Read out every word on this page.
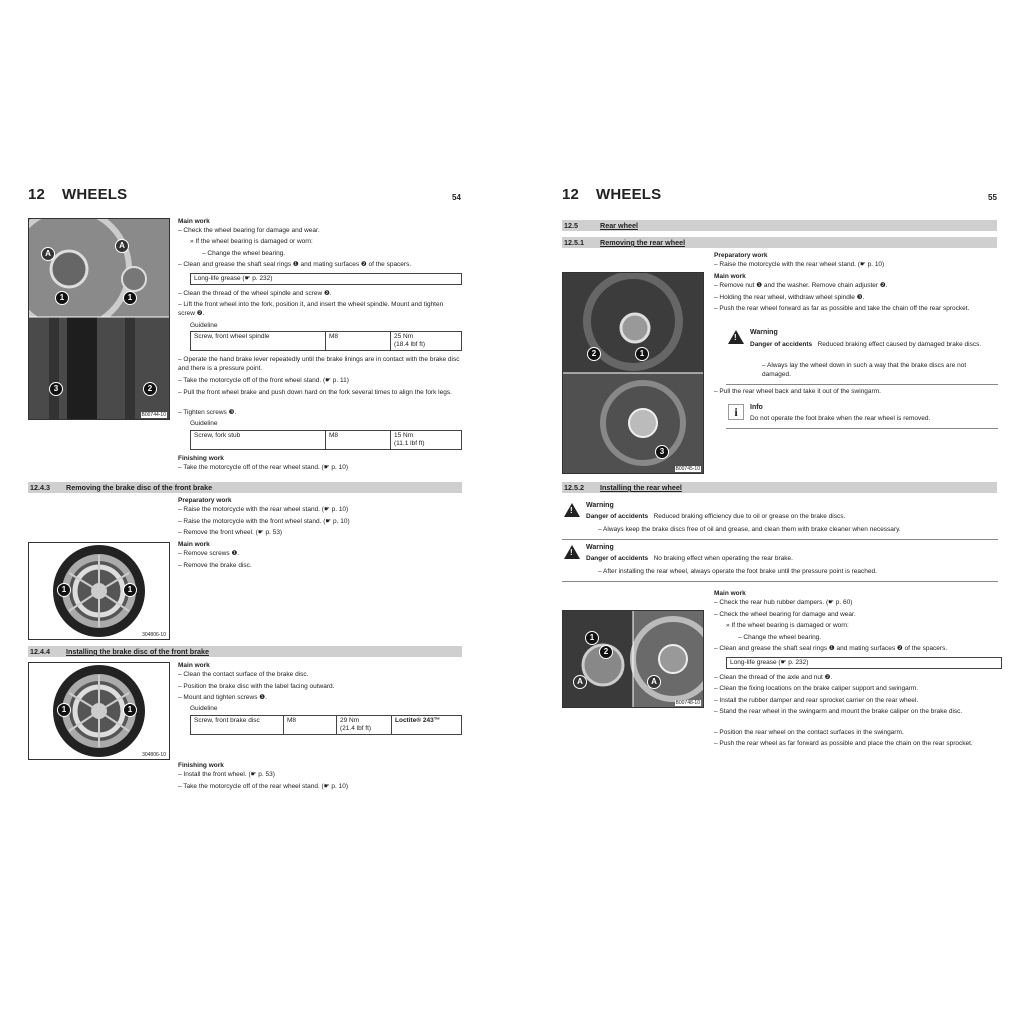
12 WHEELS	54
A
A
1	1
3	2
B00744-10
Main work
– Check the wheel bearing for damage and wear.
» If the wheel bearing is damaged or worn:
– Change the wheel bearing.
– Clean and grease the shaft seal rings ❶ and mating surfaces ❷ of the spacers.
Long-life grease (☛ p. 232)
– Clean the thread of the wheel spindle and screw ❷.
– Lift the front wheel into the fork, position it, and insert the wheel spindle. Mount and tighten screw ❷.
Guideline
Screw, front wheel spindle	M8	25 Nm
(18.4 lbf ft)
– Operate the hand brake lever repeatedly until the brake linings are in contact with the brake disc and there is a pressure point.
– Take the motorcycle off of the front wheel stand. (☛ p. 11)
– Pull the front wheel brake and push down hard on the fork several times to align the fork legs.
– Tighten screws ❸.
Guideline
Screw, fork stub	M8	15 Nm
(11.1 lbf ft)
Finishing work
– Take the motorcycle off of the rear wheel stand. (☛ p. 10)
12.4.3 Removing the brake disc of the front brake
Preparatory work
– Raise the motorcycle with the rear wheel stand. (☛ p. 10)
– Raise the motorcycle with the front wheel stand. (☛ p. 10)
– Remove the front wheel. (☛ p. 53)
Main work
– Remove screws ❶.
– Remove the brake disc.
1	1
304806-10
12.4.4 Installing the brake disc of the front brake
Main work
– Clean the contact surface of the brake disc.
– Position the brake disc with the label facing outward.
– Mount and tighten screws ❶.
Guideline
Screw, front brake disc	M8	29 Nm
(21.4 lbf ft)	Loctite® 243™
1	1
304806-10
Finishing work
– Install the front wheel. (☛ p. 53)
– Take the motorcycle off of the rear wheel stand. (☛ p. 10)
12 WHEELS	55
12.5	Rear wheel
12.5.1 Removing the rear wheel
2	1
3
B00745-10
Preparatory work
– Raise the motorcycle with the rear wheel stand. (☛ p. 10)
Main work
– Remove nut ❶ and the washer. Remove chain adjuster ❷.
– Holding the rear wheel, withdraw wheel spindle ❸.
– Push the rear wheel forward as far as possible and take the chain off the rear sprocket.
!
Warning
Danger of accidents Reduced braking effect caused by damaged brake discs.
– Always lay the wheel down in such a way that the brake discs are not damaged.
– Pull the rear wheel back and take it out of the swingarm.
i	Info
Do not operate the foot brake when the rear wheel is removed.
12.5.2 Installing the rear wheel
!
Warning
Danger of accidents Reduced braking efficiency due to oil or grease on the brake discs.
– Always keep the brake discs free of oil and grease, and clean them with brake cleaner when necessary.
!
Warning
Danger of accidents No braking effect when operating the rear brake.
– After installing the rear wheel, always operate the foot brake until the pressure point is reached.
1
2
A	A
B00748-10
Main work
– Check the rear hub rubber dampers. (☛ p. 60)
– Check the wheel bearing for damage and wear.
» If the wheel bearing is damaged or worn:
– Change the wheel bearing.
– Clean and grease the shaft seal rings ❶ and mating surfaces ❷ of the spacers.
Long-life grease (☛ p. 232)
– Clean the thread of the axle and nut ❷.
– Clean the fixing locations on the brake caliper support and swingarm.
– Install the rubber damper and rear sprocket carrier on the rear wheel.
– Stand the rear wheel in the swingarm and mount the brake caliper on the brake disc.
– Position the rear wheel on the contact surfaces in the swingarm.
– Push the rear wheel as far forward as possible and place the chain on the rear sprocket.
